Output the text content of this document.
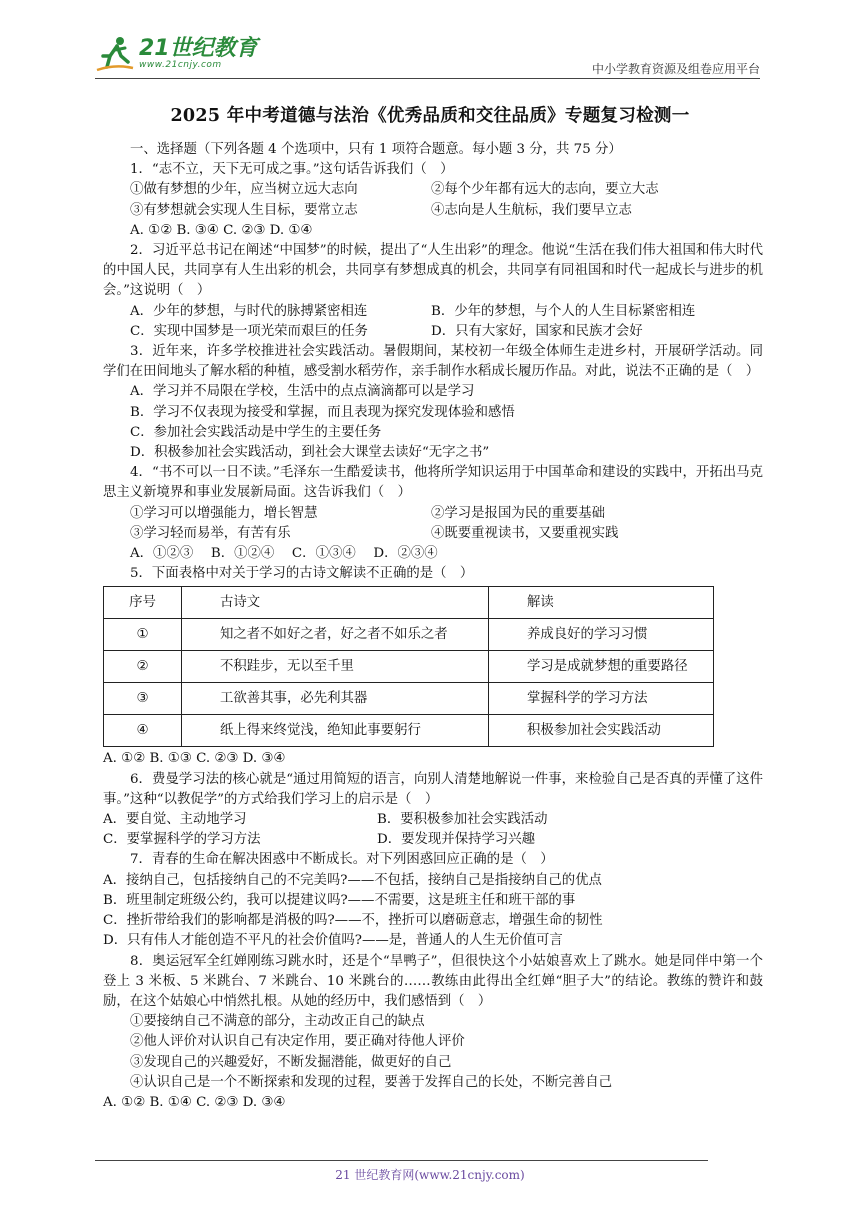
21世纪教育
www.21cnjy.com	中小学教育资源及组卷应用平台
2025 年中考道德与法治《优秀品质和交往品质》专题复习检测一

一、选择题（下列各题 4 个选项中，只有 1 项符合题意。每小题 3 分，共 75 分）

1．“志不立，天下无可成之事。”这句话告诉我们（　）

①做有梦想的少年，应当树立远大志向	②每个少年都有远大的志向，要立大志
③有梦想就会实现人生目标，要常立志	④志向是人生航标，我们要早立志

A. ①② B. ③④ C. ②③ D. ①④

2．习近平总书记在阐述“中国梦”的时候，提出了“人生出彩”的理念。他说“生活在我们伟大祖国和伟大时代的中国人民，共同享有人生出彩的机会，共同享有梦想成真的机会，共同享有同祖国和时代一起成长与进步的机会。”这说明（　）

A．少年的梦想，与时代的脉搏紧密相连	B．少年的梦想，与个人的人生目标紧密相连
C．实现中国梦是一项光荣而艰巨的任务	D．只有大家好，国家和民族才会好

3．近年来，许多学校推进社会实践活动。暑假期间，某校初一年级全体师生走进乡村，开展研学活动。同学们在田间地头了解水稻的种植，感受割水稻劳作，亲手制作水稻成长履历作品。对此，说法不正确的是（　）

A．学习并不局限在学校，生活中的点点滴滴都可以是学习

B．学习不仅表现为接受和掌握，而且表现为探究发现体验和感悟

C．参加社会实践活动是中学生的主要任务

D．积极参加社会实践活动，到社会大课堂去读好“无字之书”

4．“书不可以一日不读。”毛泽东一生酷爱读书，他将所学知识运用于中国革命和建设的实践中，开拓出马克思主义新境界和事业发展新局面。这告诉我们（　）

①学习可以增强能力，增长智慧	②学习是报国为民的重要基础
③学习轻而易举，有苦有乐	④既要重视读书，又要重视实践

A．①②③　 B．①②④　 C．①③④　 D．②③④

5．下面表格中对关于学习的古诗文解读不正确的是（　）

序号	古诗文	解读
①	知之者不如好之者，好之者不如乐之者	养成良好的学习习惯
②	不积跬步，无以至千里	学习是成就梦想的重要路径
③	工欲善其事，必先利其器	掌握科学的学习方法
④	纸上得来终觉浅，绝知此事要躬行	积极参加社会实践活动

A. ①② B. ①③ C. ②③ D. ③④

6．费曼学习法的核心就是“通过用简短的语言，向别人清楚地解说一件事，来检验自己是否真的弄懂了这件事。”这种“以教促学”的方式给我们学习上的启示是（　）

A．要自觉、主动地学习	B．要积极参加社会实践活动
C．要掌握科学的学习方法	D．要发现并保持学习兴趣

7．青春的生命在解决困惑中不断成长。对下列困惑回应正确的是（　）

A．接纳自己，包括接纳自己的不完美吗?——不包括，接纳自己是指接纳自己的优点

B．班里制定班级公约，我可以提建议吗?——不需要，这是班主任和班干部的事

C．挫折带给我们的影响都是消极的吗?——不，挫折可以磨砺意志，增强生命的韧性

D．只有伟人才能创造不平凡的社会价值吗?——是，普通人的人生无价值可言

8．奥运冠军全红婵刚练习跳水时，还是个“旱鸭子”，但很快这个小姑娘喜欢上了跳水。她是同伴中第一个登上 3 米板、5 米跳台、7 米跳台、10 米跳台的……教练由此得出全红婵“胆子大”的结论。教练的赞许和鼓励，在这个姑娘心中悄然扎根。从她的经历中，我们感悟到（　）

①要接纳自己不满意的部分，主动改正自己的缺点

②他人评价对认识自己有决定作用，要正确对待他人评价

③发现自己的兴趣爱好，不断发掘潜能，做更好的自己

④认识自己是一个不断探索和发现的过程，要善于发挥自己的长处，不断完善自己

A. ①② B. ①④ C. ②③ D. ③④

21 世纪教育网(www.21cnjy.com)
